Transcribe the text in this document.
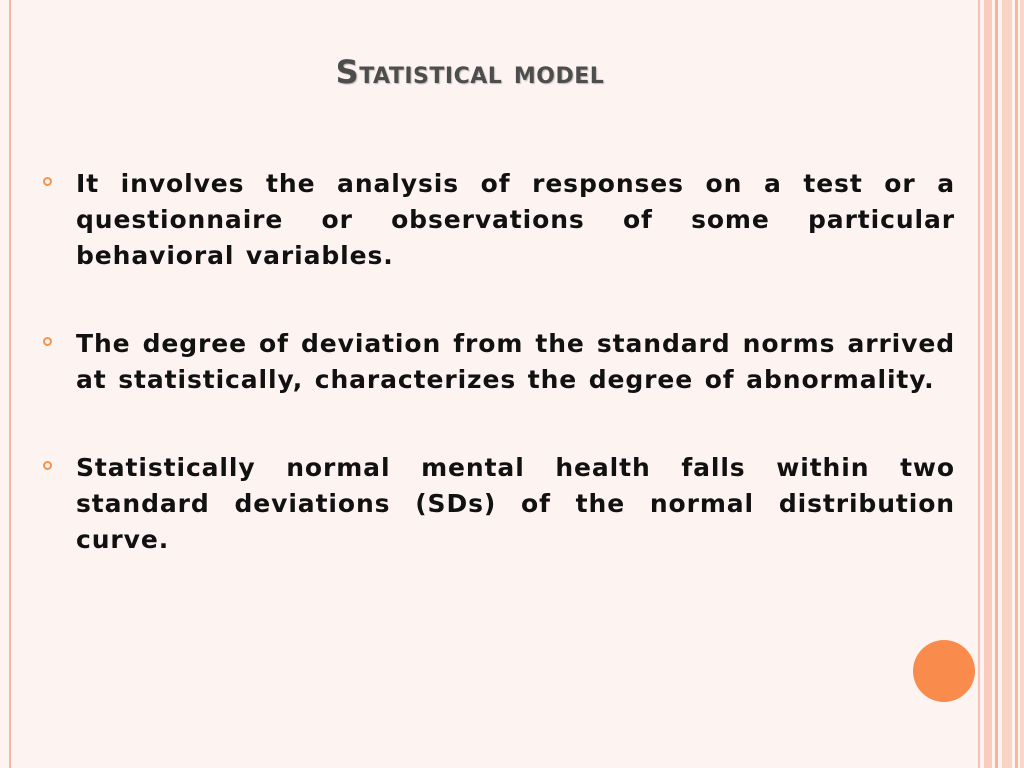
Statistical model
It involves the analysis of responses on a test or a questionnaire or observations of some particular behavioral variables.
The degree of deviation from the standard norms arrived at statistically, characterizes the degree of abnormality.
Statistically normal mental health falls within two standard deviations (SDs) of the normal distribution curve.
